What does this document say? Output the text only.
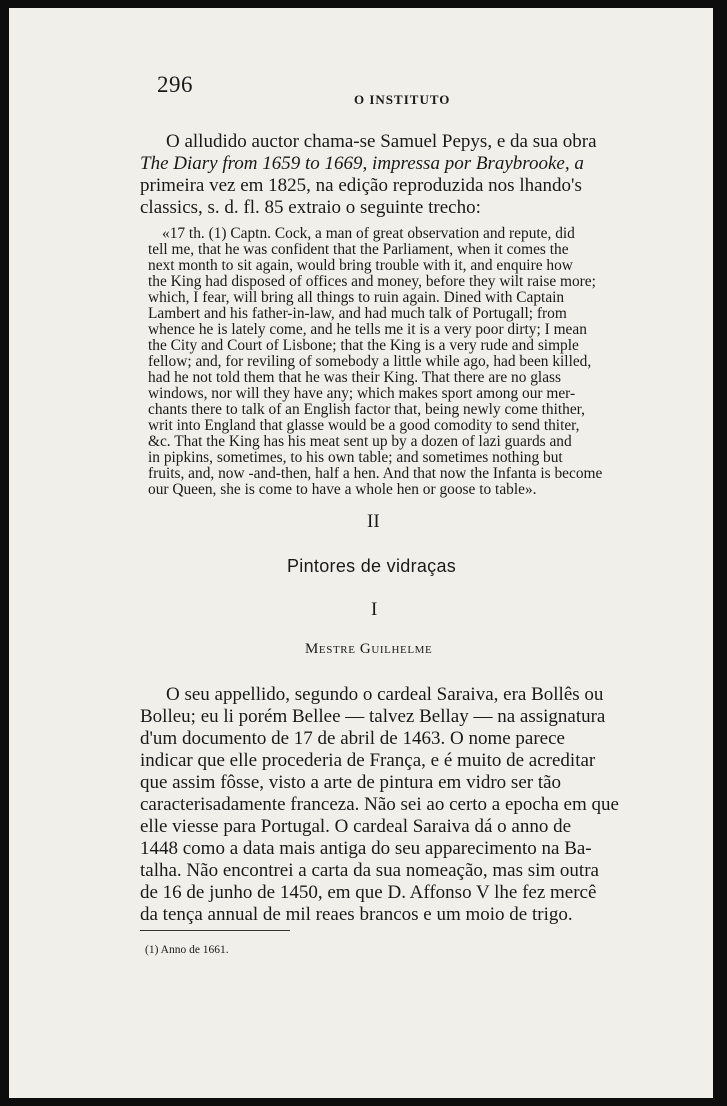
296
O INSTITUTO
O alludido auctor chama-se Samuel Pepys, e da sua obra
The Diary from 1659 to 1669, impressa por Braybrooke, a
primeira vez em 1825, na edição reproduzida nos lhando's
classics, s. d. fl. 85 extraio o seguinte trecho:
«17 th. (1) Captn. Cock, a man of great observation and repute, did
tell me, that he was confident that the Parliament, when it comes the
next month to sit again, would bring trouble with it, and enquire how
the King had disposed of offices and money, before they wilt raise more;
which, I fear, will bring all things to ruin again. Dined with Captain
Lambert and his father-in-law, and had much talk of Portugall; from
whence he is lately come, and he tells me it is a very poor dirty; I mean
the City and Court of Lisbone; that the King is a very rude and simple
fellow; and, for reviling of somebody a little while ago, had been killed,
had he not told them that he was their King. That there are no glass
windows, nor will they have any; which makes sport among our mer-
chants there to talk of an English factor that, being newly come thither,
writ into England that glasse would be a good comodity to send thiter,
&c. That the King has his meat sent up by a dozen of lazi guards and
in pipkins, sometimes, to his own table; and sometimes nothing but
fruits, and, now -and-then, half a hen. And that now the Infanta is become
our Queen, she is come to have a whole hen or goose to table».
II
Pintores de vidraças
I
Mestre Guilhelme
O seu appellido, segundo o cardeal Saraiva, era Bollês ou
Bolleu; eu li porém Bellee — talvez Bellay — na assignatura
d'um documento de 17 de abril de 1463. O nome parece
indicar que elle procederia de França, e é muito de acreditar
que assim fôsse, visto a arte de pintura em vidro ser tão
caracterisadamente franceza. Não sei ao certo a epocha em que
elle viesse para Portugal. O cardeal Saraiva dá o anno de
1448 como a data mais antiga do seu apparecimento na Ba-
talha. Não encontrei a carta da sua nomeação, mas sim outra
de 16 de junho de 1450, em que D. Affonso V lhe fez mercê
da tença annual de mil reaes brancos e um moio de trigo.
(1) Anno de 1661.
